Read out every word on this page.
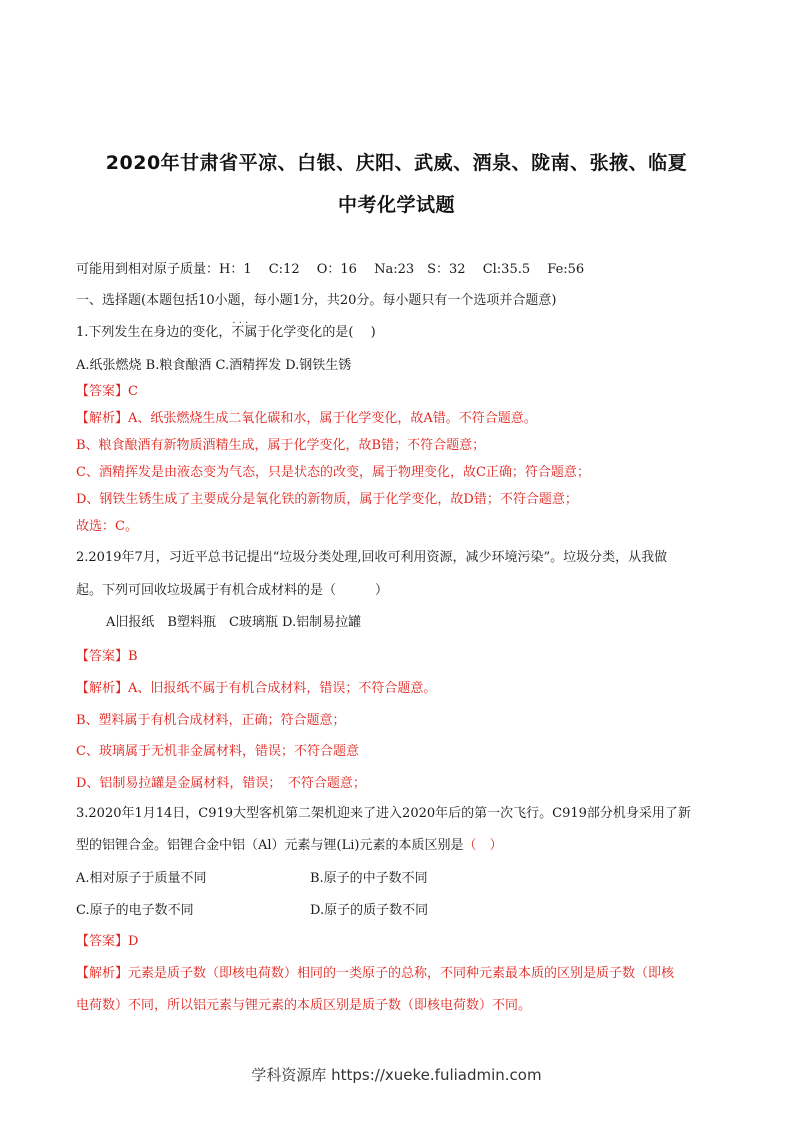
2020年甘肃省平凉、白银、庆阳、武威、酒泉、陇南、张掖、临夏
中考化学试题
可能用到相对原子质量：H：1　 C:12　 O：16　 Na:23　S：32　 Cl:35.5　 Fe:56
一、选择题(本题包括10小题，每小题1分，共20分。每小题只有一个选项并合题意)
1.下列发生在身边的变化，· · · 不属于化学变化的是(　 )
A.纸张燃烧 B.粮食酿酒 C.酒精挥发 D.钢铁生锈
【答案】C
【解析】A、纸张燃烧生成二氧化碳和水，属于化学变化，故A错。不符合题意。
B、粮食酿酒有新物质酒精生成，属于化学变化，故B错；不符合题意；
C、酒精挥发是由液态变为气态，只是状态的改变，属于物理变化，故C正确；符合题意；
D、钢铁生锈生成了主要成分是氧化铁的新物质，属于化学变化，故D错；不符合题意；
故选：C。
2.2019年7月，习近平总书记提出“垃圾分类处理,回收可利用资源，减少环境污染”。垃圾分类，从我做
起。下列可回收垃圾属于有机合成材料的是（　　　）
A旧报纸　B塑料瓶　C玻璃瓶 D.铝制易拉罐
【答案】B
【解析】A、旧报纸不属于有机合成材料，错误；不符合题意。
B、塑料属于有机合成材料，正确；符合题意；
C、玻璃属于无机非金属材料，错误；不符合题意
D、铝制易拉罐是金属材料，错误；　不符合题意；
3.2020年1月14日，C919大型客机第二架机迎来了进入2020年后的第一次飞行。C919部分机身采用了新
型的铝锂合金。铝锂合金中铝（Al）元素与锂(Li)元素的本质区别是（　）
A.相对原子于质量不同	B.原子的中子数不同
C.原子的电子数不同	D.原子的质子数不同
【答案】D
【解析】元素是质子数（即核电荷数）相同的一类原子的总称，不同种元素最本质的区别是质子数（即核
电荷数）不同，所以铝元素与锂元素的本质区别是质子数（即核电荷数）不同。
学科资源库 https://xueke.fuliadmin.com
